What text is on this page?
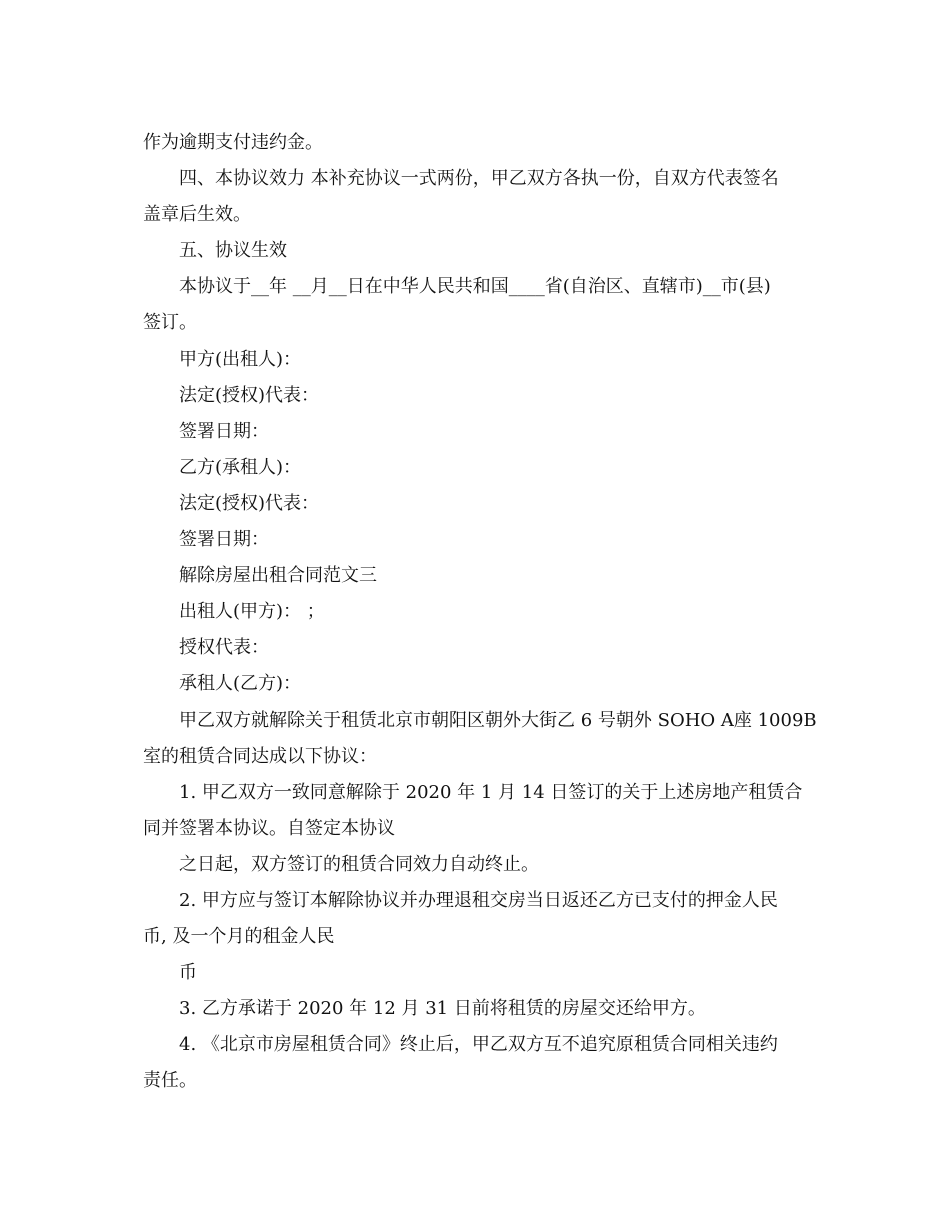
作为逾期支付违约金。
四、本协议效力 本补充协议一式两份，甲乙双方各执一份，自双方代表签名
盖章后生效。
五、协议生效
本协议于__年 __月__日在中华人民共和国____省(自治区、直辖市)__市(县)
签订。
甲方(出租人)：
法定(授权)代表：
签署日期：
乙方(承租人)：
法定(授权)代表：
签署日期：
解除房屋出租合同范文三
出租人(甲方)： ；
授权代表：
承租人(乙方)：
甲乙双方就解除关于租赁北京市朝阳区朝外大街乙 6 号朝外 SOHO A座 1009B
室的租赁合同达成以下协议：
1. 甲乙双方一致同意解除于 2020 年 1 月 14 日签订的关于上述房地产租赁合
同并签署本协议。自签定本协议
之日起，双方签订的租赁合同效力自动终止。
2. 甲方应与签订本解除协议并办理退租交房当日返还乙方已支付的押金人民
币, 及一个月的租金人民
币
3. 乙方承诺于 2020 年 12 月 31 日前将租赁的房屋交还给甲方。
4. 《北京市房屋租赁合同》终止后，甲乙双方互不追究原租赁合同相关违约
责任。
